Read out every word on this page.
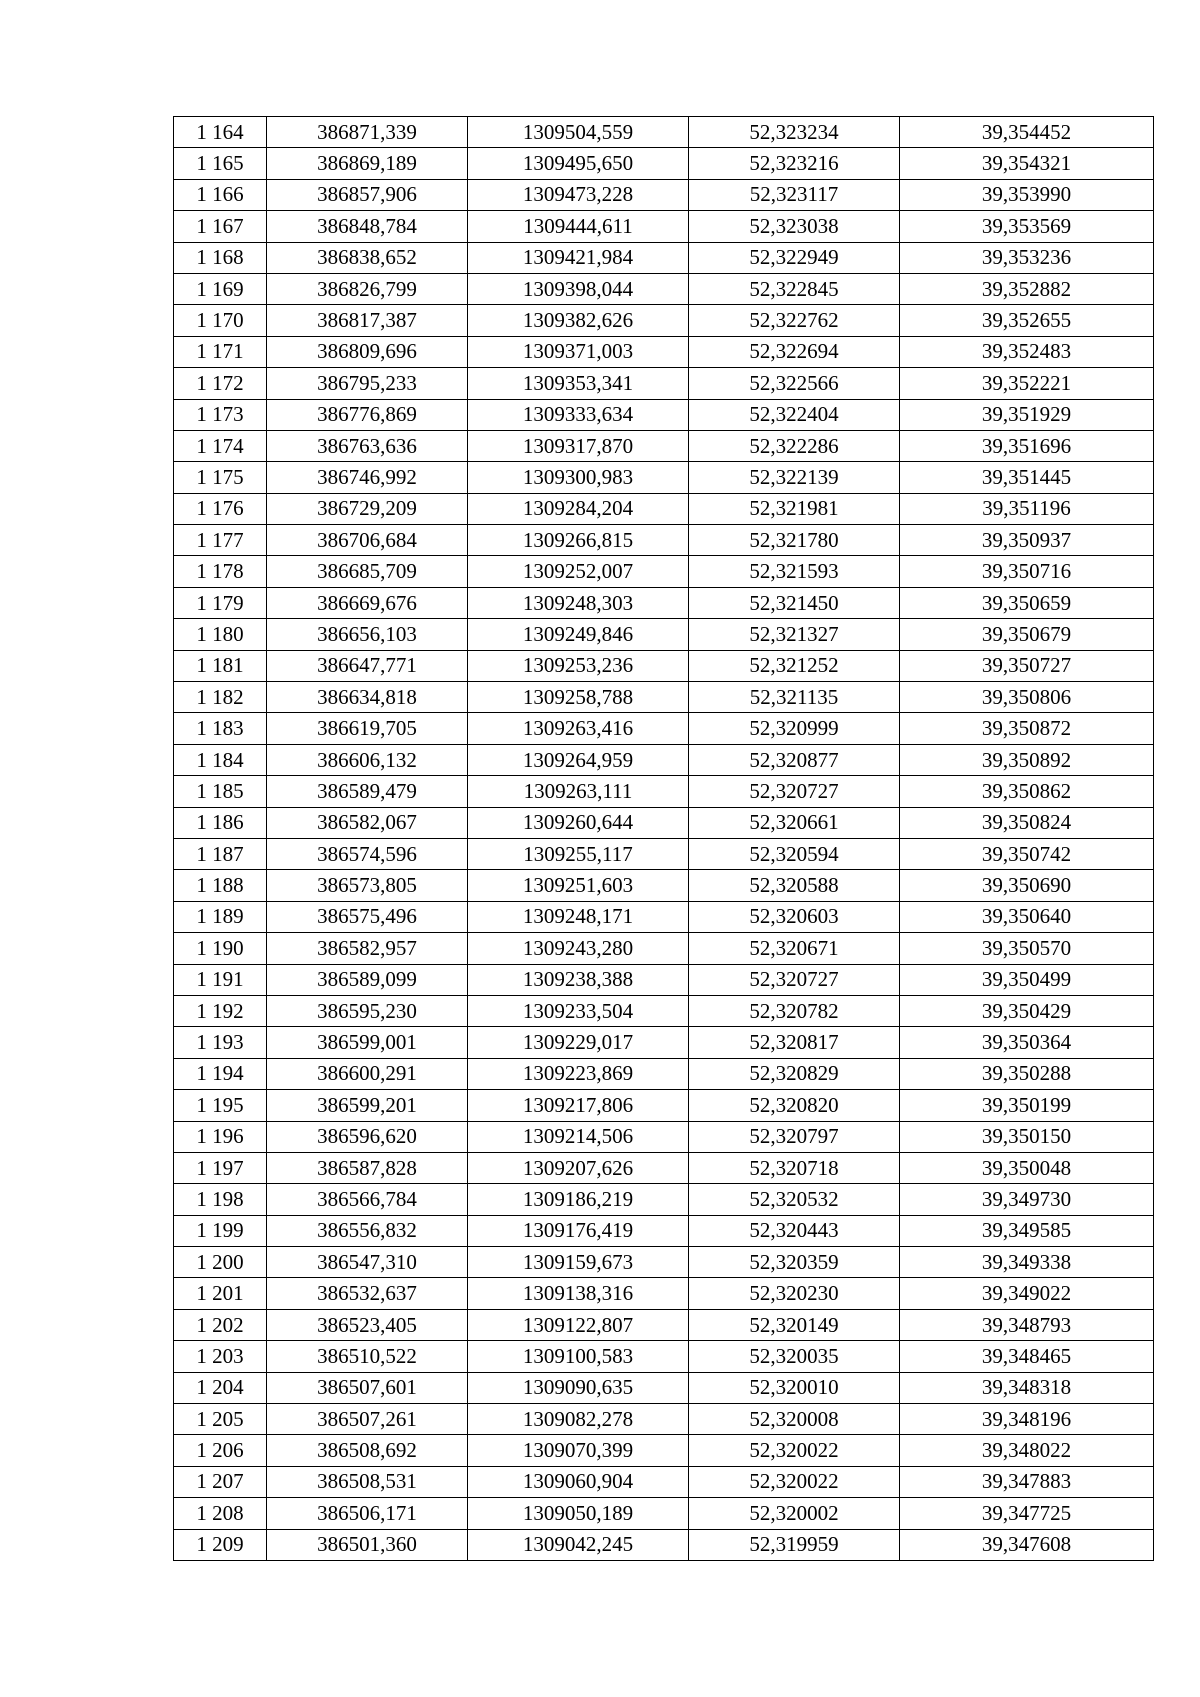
1 164	386871,339	1309504,559	52,323234	39,354452
1 165	386869,189	1309495,650	52,323216	39,354321
1 166	386857,906	1309473,228	52,323117	39,353990
1 167	386848,784	1309444,611	52,323038	39,353569
1 168	386838,652	1309421,984	52,322949	39,353236
1 169	386826,799	1309398,044	52,322845	39,352882
1 170	386817,387	1309382,626	52,322762	39,352655
1 171	386809,696	1309371,003	52,322694	39,352483
1 172	386795,233	1309353,341	52,322566	39,352221
1 173	386776,869	1309333,634	52,322404	39,351929
1 174	386763,636	1309317,870	52,322286	39,351696
1 175	386746,992	1309300,983	52,322139	39,351445
1 176	386729,209	1309284,204	52,321981	39,351196
1 177	386706,684	1309266,815	52,321780	39,350937
1 178	386685,709	1309252,007	52,321593	39,350716
1 179	386669,676	1309248,303	52,321450	39,350659
1 180	386656,103	1309249,846	52,321327	39,350679
1 181	386647,771	1309253,236	52,321252	39,350727
1 182	386634,818	1309258,788	52,321135	39,350806
1 183	386619,705	1309263,416	52,320999	39,350872
1 184	386606,132	1309264,959	52,320877	39,350892
1 185	386589,479	1309263,111	52,320727	39,350862
1 186	386582,067	1309260,644	52,320661	39,350824
1 187	386574,596	1309255,117	52,320594	39,350742
1 188	386573,805	1309251,603	52,320588	39,350690
1 189	386575,496	1309248,171	52,320603	39,350640
1 190	386582,957	1309243,280	52,320671	39,350570
1 191	386589,099	1309238,388	52,320727	39,350499
1 192	386595,230	1309233,504	52,320782	39,350429
1 193	386599,001	1309229,017	52,320817	39,350364
1 194	386600,291	1309223,869	52,320829	39,350288
1 195	386599,201	1309217,806	52,320820	39,350199
1 196	386596,620	1309214,506	52,320797	39,350150
1 197	386587,828	1309207,626	52,320718	39,350048
1 198	386566,784	1309186,219	52,320532	39,349730
1 199	386556,832	1309176,419	52,320443	39,349585
1 200	386547,310	1309159,673	52,320359	39,349338
1 201	386532,637	1309138,316	52,320230	39,349022
1 202	386523,405	1309122,807	52,320149	39,348793
1 203	386510,522	1309100,583	52,320035	39,348465
1 204	386507,601	1309090,635	52,320010	39,348318
1 205	386507,261	1309082,278	52,320008	39,348196
1 206	386508,692	1309070,399	52,320022	39,348022
1 207	386508,531	1309060,904	52,320022	39,347883
1 208	386506,171	1309050,189	52,320002	39,347725
1 209	386501,360	1309042,245	52,319959	39,347608
